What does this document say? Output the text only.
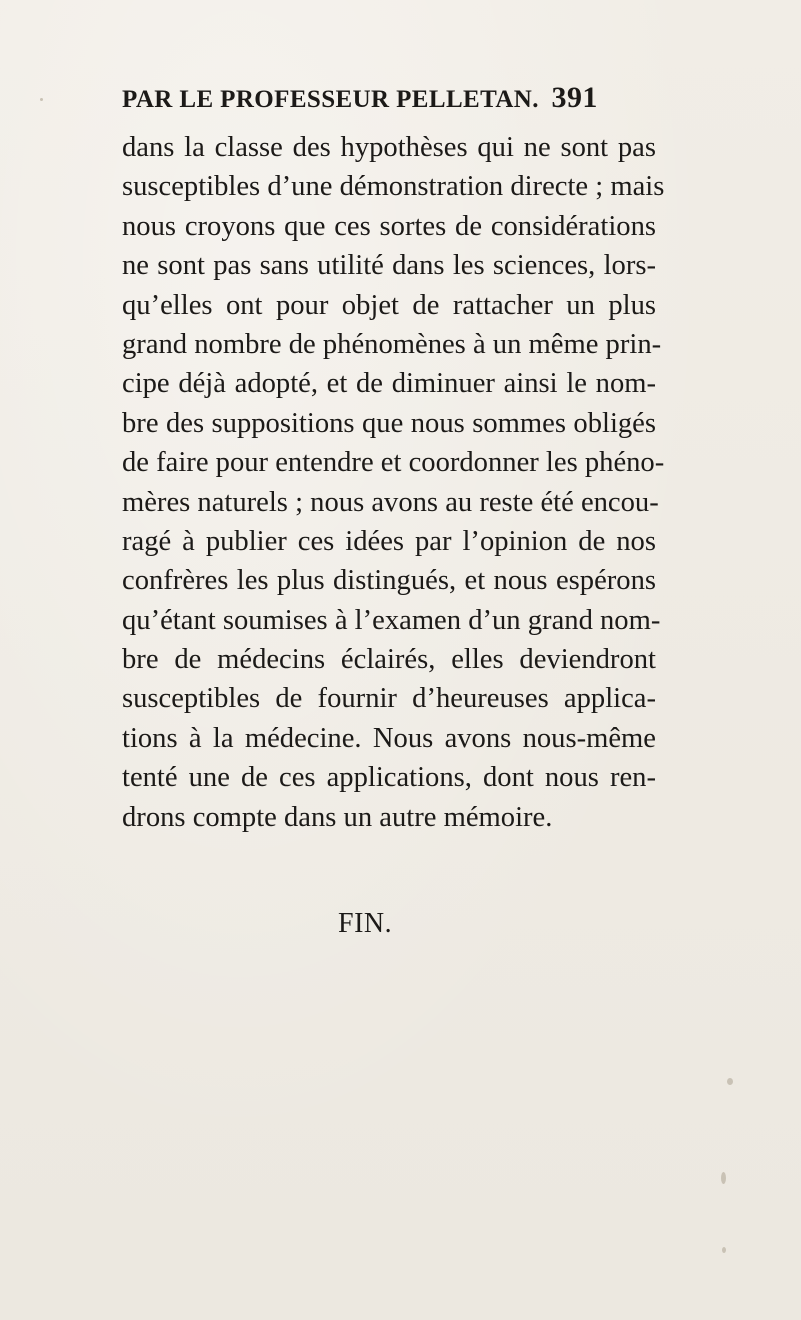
PAR LE PROFESSEUR PELLETAN. 391
dans la classe des hypothèses qui ne sont pas
susceptibles d’une démonstration directe ; mais
nous croyons que ces sortes de considérations
ne sont pas sans utilité dans les sciences, lors-
qu’elles ont pour objet de rattacher un plus
grand nombre de phénomènes à un même prin-
cipe déjà adopté, et de diminuer ainsi le nom-
bre des suppositions que nous sommes obligés
de faire pour entendre et coordonner les phéno-
mères naturels ; nous avons au reste été encou-
ragé à publier ces idées par l’opinion de nos
confrères les plus distingués, et nous espérons
qu’étant soumises à l’examen d’un grand nom-
bre de médecins éclairés, elles deviendront
susceptibles de fournir d’heureuses applica-
tions à la médecine. Nous avons nous-même
tenté une de ces applications, dont nous ren-
drons compte dans un autre mémoire.
FIN.
